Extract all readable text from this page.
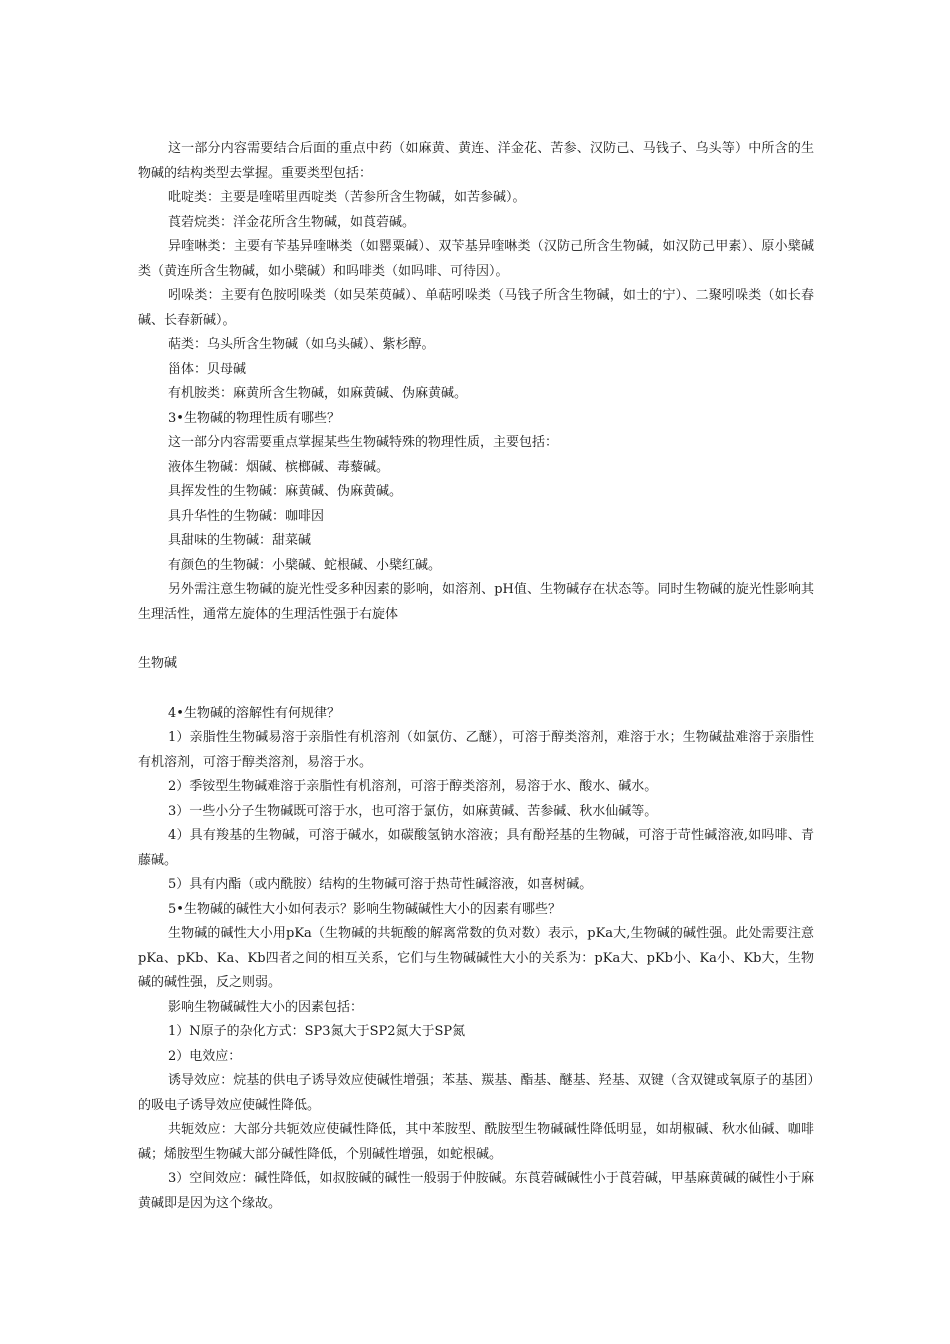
这一部分内容需要结合后面的重点中药（如麻黄、黄连、洋金花、苦参、汉防己、马钱子、乌头等）中所含的生物碱的结构类型去掌握。重要类型包括：

吡啶类：主要是喹喏里西啶类（苦参所含生物碱，如苦参碱）。

莨菪烷类：洋金花所含生物碱，如莨菪碱。

异喹啉类：主要有苄基异喹啉类（如罂粟碱）、双苄基异喹啉类（汉防己所含生物碱，如汉防己甲素）、原小檗碱类（黄连所含生物碱，如小檗碱）和吗啡类（如吗啡、可待因）。

吲哚类：主要有色胺吲哚类（如吴茱萸碱）、单萜吲哚类（马钱子所含生物碱，如士的宁）、二聚吲哚类（如长春碱、长春新碱）。

萜类：乌头所含生物碱（如乌头碱）、紫杉醇。

甾体：贝母碱

有机胺类：麻黄所含生物碱，如麻黄碱、伪麻黄碱。

3•生物碱的物理性质有哪些？

这一部分内容需要重点掌握某些生物碱特殊的物理性质，主要包括：

液体生物碱：烟碱、槟榔碱、毒藜碱。

具挥发性的生物碱：麻黄碱、伪麻黄碱。

具升华性的生物碱：咖啡因

具甜味的生物碱：甜菜碱

有颜色的生物碱：小檗碱、蛇根碱、小檗红碱。

另外需注意生物碱的旋光性受多种因素的影响，如溶剂、pH值、生物碱存在状态等。同时生物碱的旋光性影响其生理活性，通常左旋体的生理活性强于右旋体

生物碱

4•生物碱的溶解性有何规律？

1）亲脂性生物碱易溶于亲脂性有机溶剂（如氯仿、乙醚），可溶于醇类溶剂，难溶于水；生物碱盐难溶于亲脂性有机溶剂，可溶于醇类溶剂，易溶于水。

2）季铵型生物碱难溶于亲脂性有机溶剂，可溶于醇类溶剂，易溶于水、酸水、碱水。

3）一些小分子生物碱既可溶于水，也可溶于氯仿，如麻黄碱、苦参碱、秋水仙碱等。

4）具有羧基的生物碱，可溶于碱水，如碳酸氢钠水溶液；具有酚羟基的生物碱，可溶于苛性碱溶液,如吗啡、青藤碱。

5）具有内酯（或内酰胺）结构的生物碱可溶于热苛性碱溶液，如喜树碱。

5•生物碱的碱性大小如何表示？影响生物碱碱性大小的因素有哪些？

生物碱的碱性大小用pKa（生物碱的共轭酸的解离常数的负对数）表示，pKa大,生物碱的碱性强。此处需要注意pKa、pKb、Ka、Kb四者之间的相互关系，它们与生物碱碱性大小的关系为：pKa大、pKb小、Ka小、Kb大，生物碱的碱性强，反之则弱。

影响生物碱碱性大小的因素包括：

1）N原子的杂化方式：SP3氮大于SP2氮大于SP氮

2）电效应：

诱导效应：烷基的供电子诱导效应使碱性增强；苯基、羰基、酯基、醚基、羟基、双键（含双键或氧原子的基团）的吸电子诱导效应使碱性降低。

共轭效应：大部分共轭效应使碱性降低，其中苯胺型、酰胺型生物碱碱性降低明显，如胡椒碱、秋水仙碱、咖啡碱；烯胺型生物碱大部分碱性降低，个别碱性增强，如蛇根碱。

3）空间效应：碱性降低，如叔胺碱的碱性一般弱于仲胺碱。东莨菪碱碱性小于莨菪碱，甲基麻黄碱的碱性小于麻黄碱即是因为这个缘故。
